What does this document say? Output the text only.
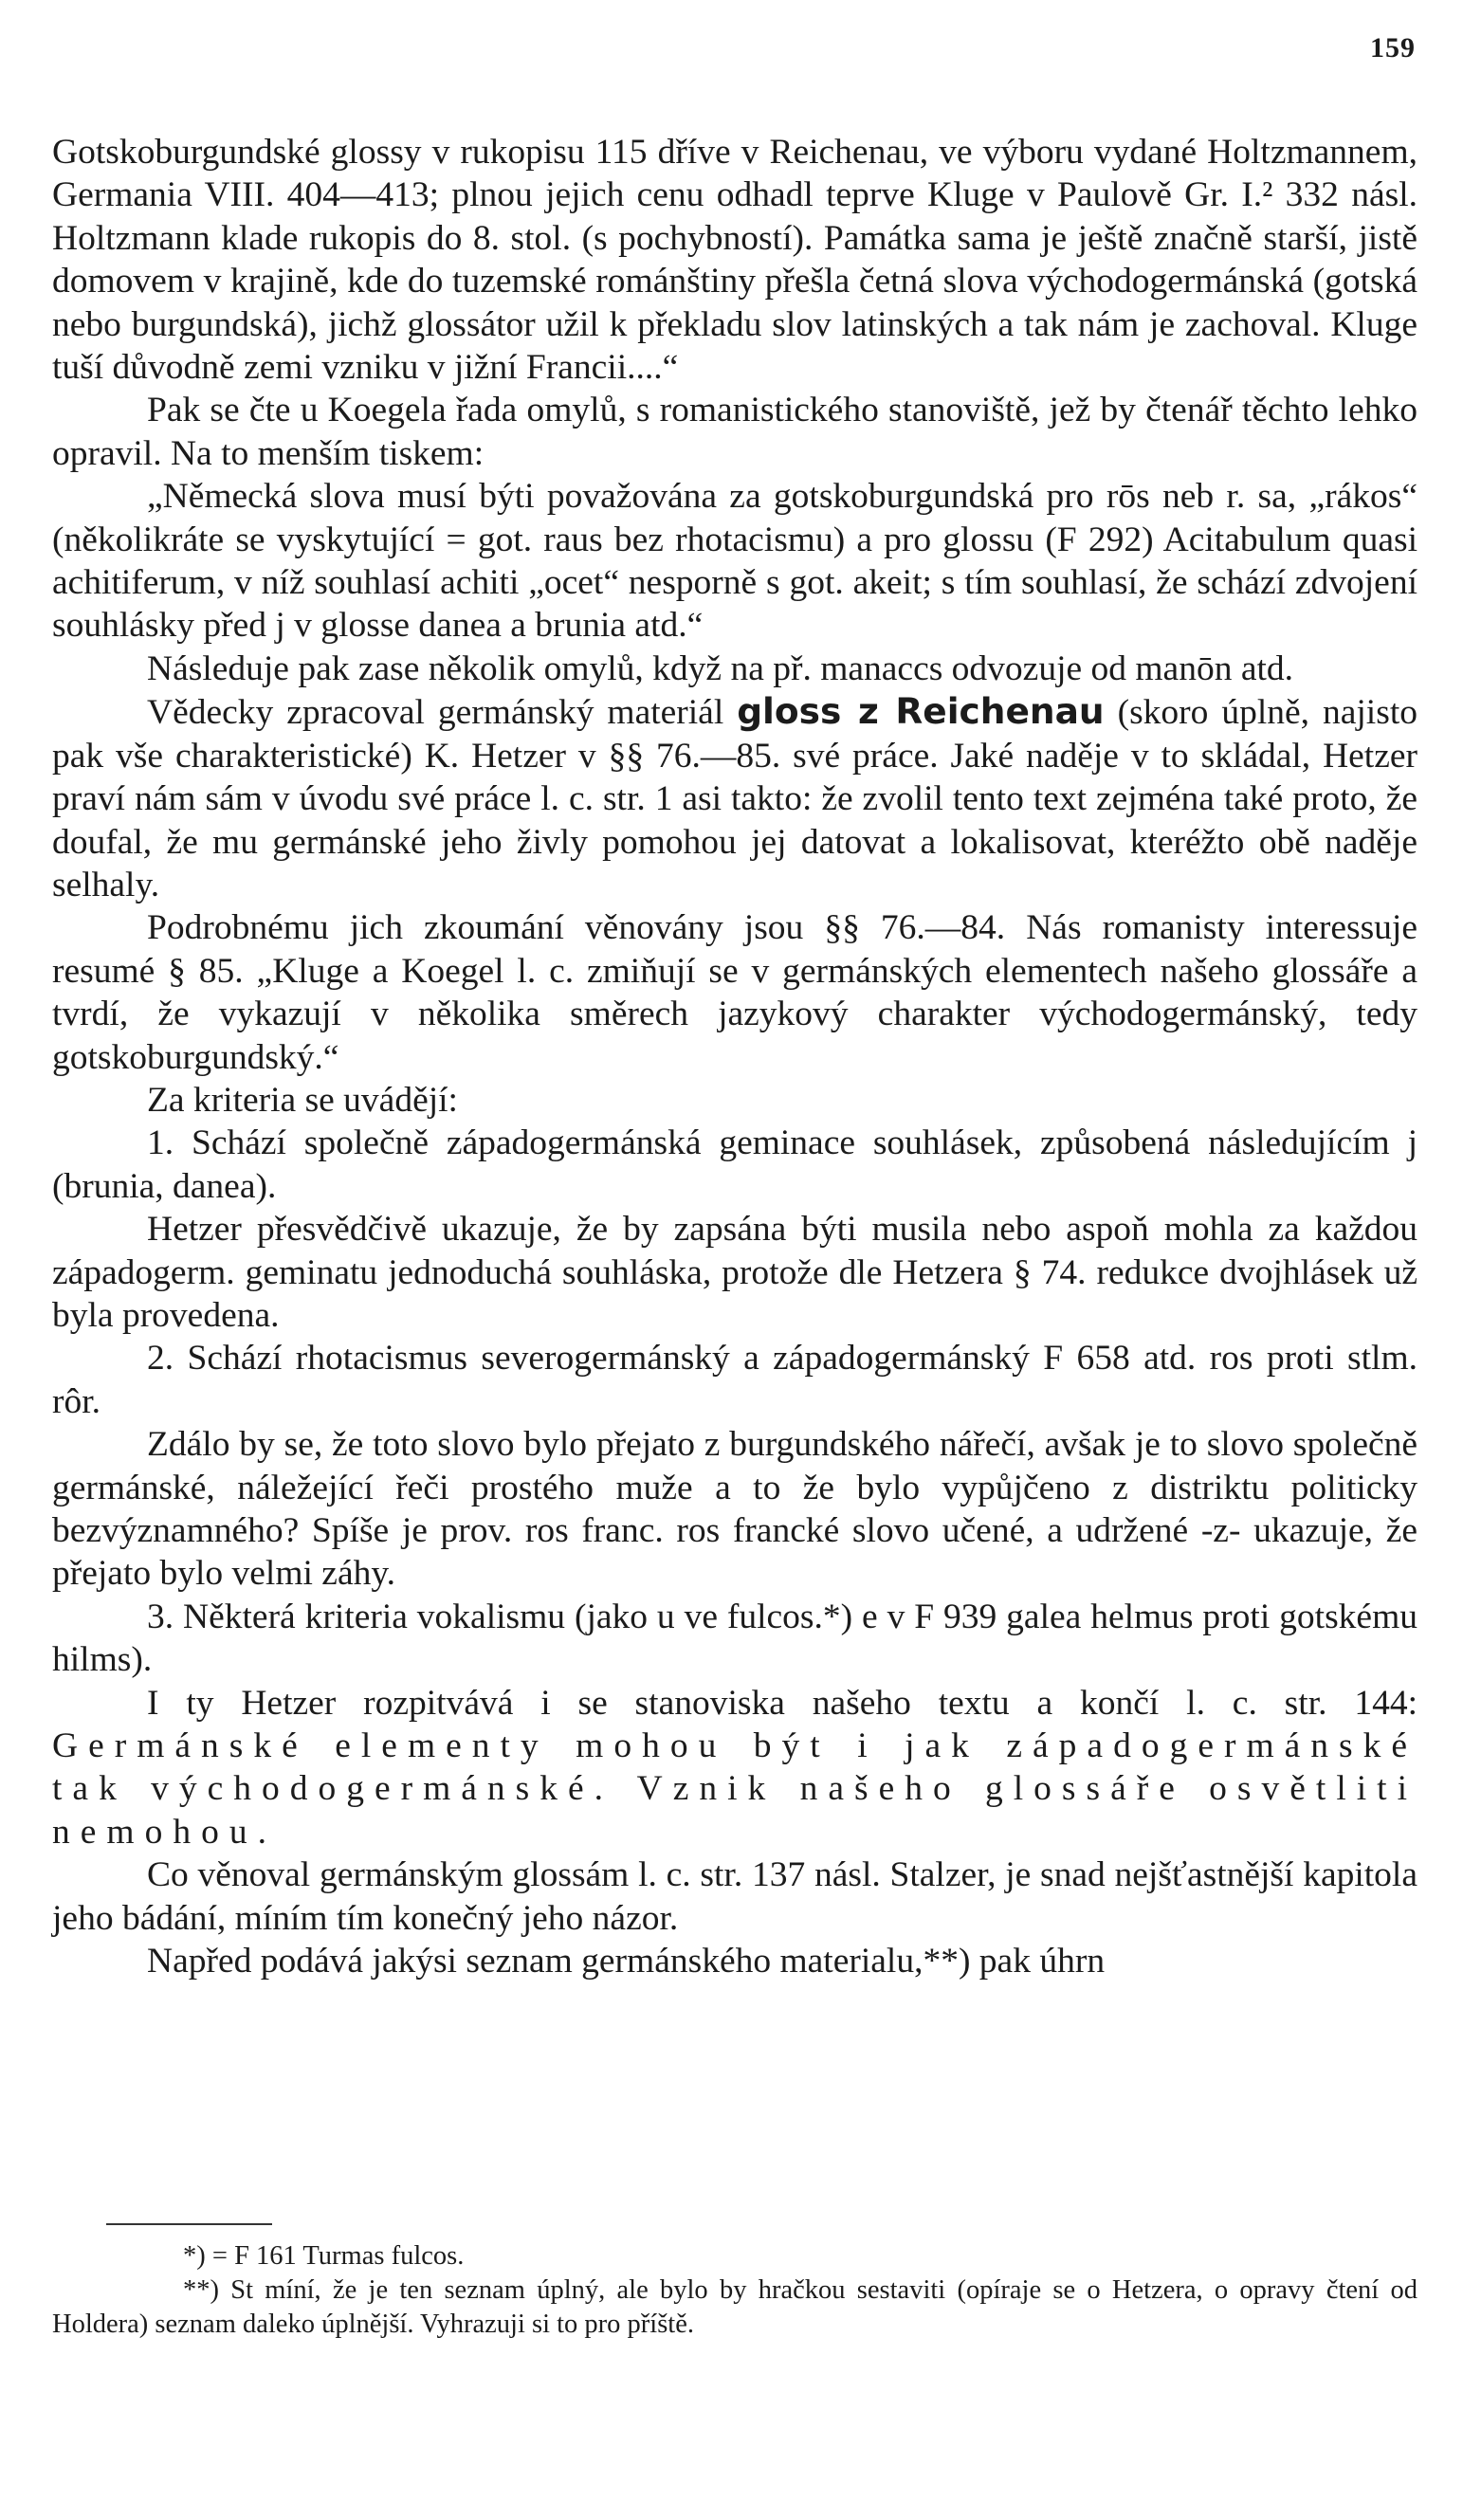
159

Gotskoburgundské glossy v rukopisu 115 dříve v Reichenau, ve výboru vydané Holtzmannem, Germania VIII. 404—413; plnou jejich cenu odhadl teprve Kluge v Paulově Gr. I.² 332 násl. Holtzmann klade rukopis do 8. stol. (s pochybností). Památka sama je ještě značně starší, jistě domovem v krajině, kde do tuzemské románštiny přešla četná slova východogermánská (gotská nebo burgundská), jichž glossátor užil k překladu slov latinských a tak nám je zachoval. Kluge tuší důvodně zemi vzniku v jižní Francii....“

Pak se čte u Koegela řada omylů, s romanistického stanoviště, jež by čtenář těchto lehko opravil. Na to menším tiskem:

„Německá slova musí býti považována za gotskoburgundská pro rōs neb r. sa, „rákos“ (několikráte se vyskytující = got. raus bez rhotacismu) a pro glossu (F 292) Acitabulum quasi achitiferum, v níž souhlasí achiti „ocet“ nesporně s got. akeit; s tím souhlasí, že schází zdvojení souhlásky před j v glosse danea a brunia atd.“

Následuje pak zase několik omylů, když na př. manaccs odvozuje od manōn atd.

Vědecky zpracoval germánský materiál gloss z Reichenau (skoro úplně, najisto pak vše charakteristické) K. Hetzer v §§ 76.—85. své práce. Jaké naděje v to skládal, Hetzer praví nám sám v úvodu své práce l. c. str. 1 asi takto: že zvolil tento text zejména také proto, že doufal, že mu germánské jeho živly pomohou jej datovat a lokalisovat, kteréžto obě naděje selhaly.

Podrobnému jich zkoumání věnovány jsou §§ 76.—84. Nás romanisty interessuje resumé § 85. „Kluge a Koegel l. c. zmiňují se v germánských elementech našeho glossáře a tvrdí, že vykazují v několika směrech jazykový charakter východogermánský, tedy gotskoburgundský.“

Za kriteria se uvádějí:

1. Schází společně západogermánská geminace souhlásek, způsobená následujícím j (brunia, danea).

Hetzer přesvědčivě ukazuje, že by zapsána býti musila nebo aspoň mohla za každou západogerm. geminatu jednoduchá souhláska, protože dle Hetzera § 74. redukce dvojhlásek už byla provedena.

2. Schází rhotacismus severogermánský a západogermánský F 658 atd. ros proti stlm. rôr.

Zdálo by se, že toto slovo bylo přejato z burgundského nářečí, avšak je to slovo společně germánské, náležející řeči prostého muže a to že bylo vypůjčeno z distriktu politicky bezvýznamného? Spíše je prov. ros franc. ros francké slovo učené, a udržené -z- ukazuje, že přejato bylo velmi záhy.

3. Některá kriteria vokalismu (jako u ve fulcos.*) e v F 939 galea helmus proti gotskému hilms).

I ty Hetzer rozpitvává i se stanoviska našeho textu a končí l. c. str. 144: Germánské elementy mohou být i jak západogermánské tak východogermánské. Vznik našeho glossáře osvětliti nemohou.

Co věnoval germánským glossám l. c. str. 137 násl. Stalzer, je snad nejšťastnější kapitola jeho bádání, míním tím konečný jeho názor.

Napřed podává jakýsi seznam germánského materialu,**) pak úhrn

*) = F 161 Turmas fulcos.

**) St míní, že je ten seznam úplný, ale bylo by hračkou sestaviti (opíraje se o Hetzera, o opravy čtení od Holdera) seznam daleko úplnější. Vyhrazuji si to pro příště.
